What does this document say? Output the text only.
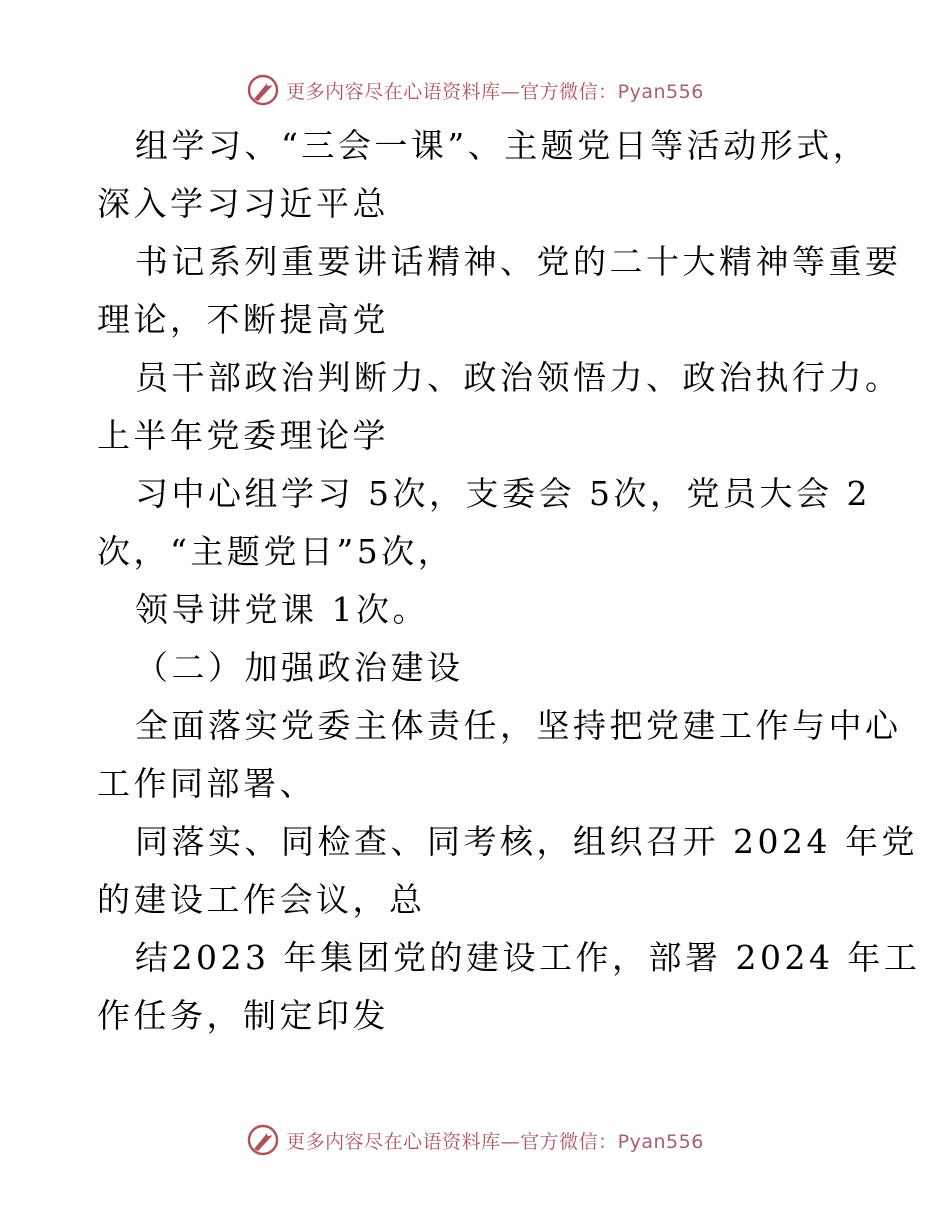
更多内容尽在心语资料库—官方微信：Pyan556
组学习、“三会一课”、主题党日等活动形式，
深入学习习近平总
书记系列重要讲话精神、党的二十大精神等重要
理论，不断提高党
员干部政治判断力、政治领悟力、政治执行力。
上半年党委理论学
习中心组学习 5次，支委会 5次，党员大会 2
次，“主题党日”5次，
领导讲党课 1次。
（二）加强政治建设
全面落实党委主体责任，坚持把党建工作与中心
工作同部署、
同落实、同检查、同考核，组织召开 2024 年党
的建设工作会议，总
结2023 年集团党的建设工作，部署 2024 年工
作任务，制定印发
更多内容尽在心语资料库—官方微信：Pyan556
